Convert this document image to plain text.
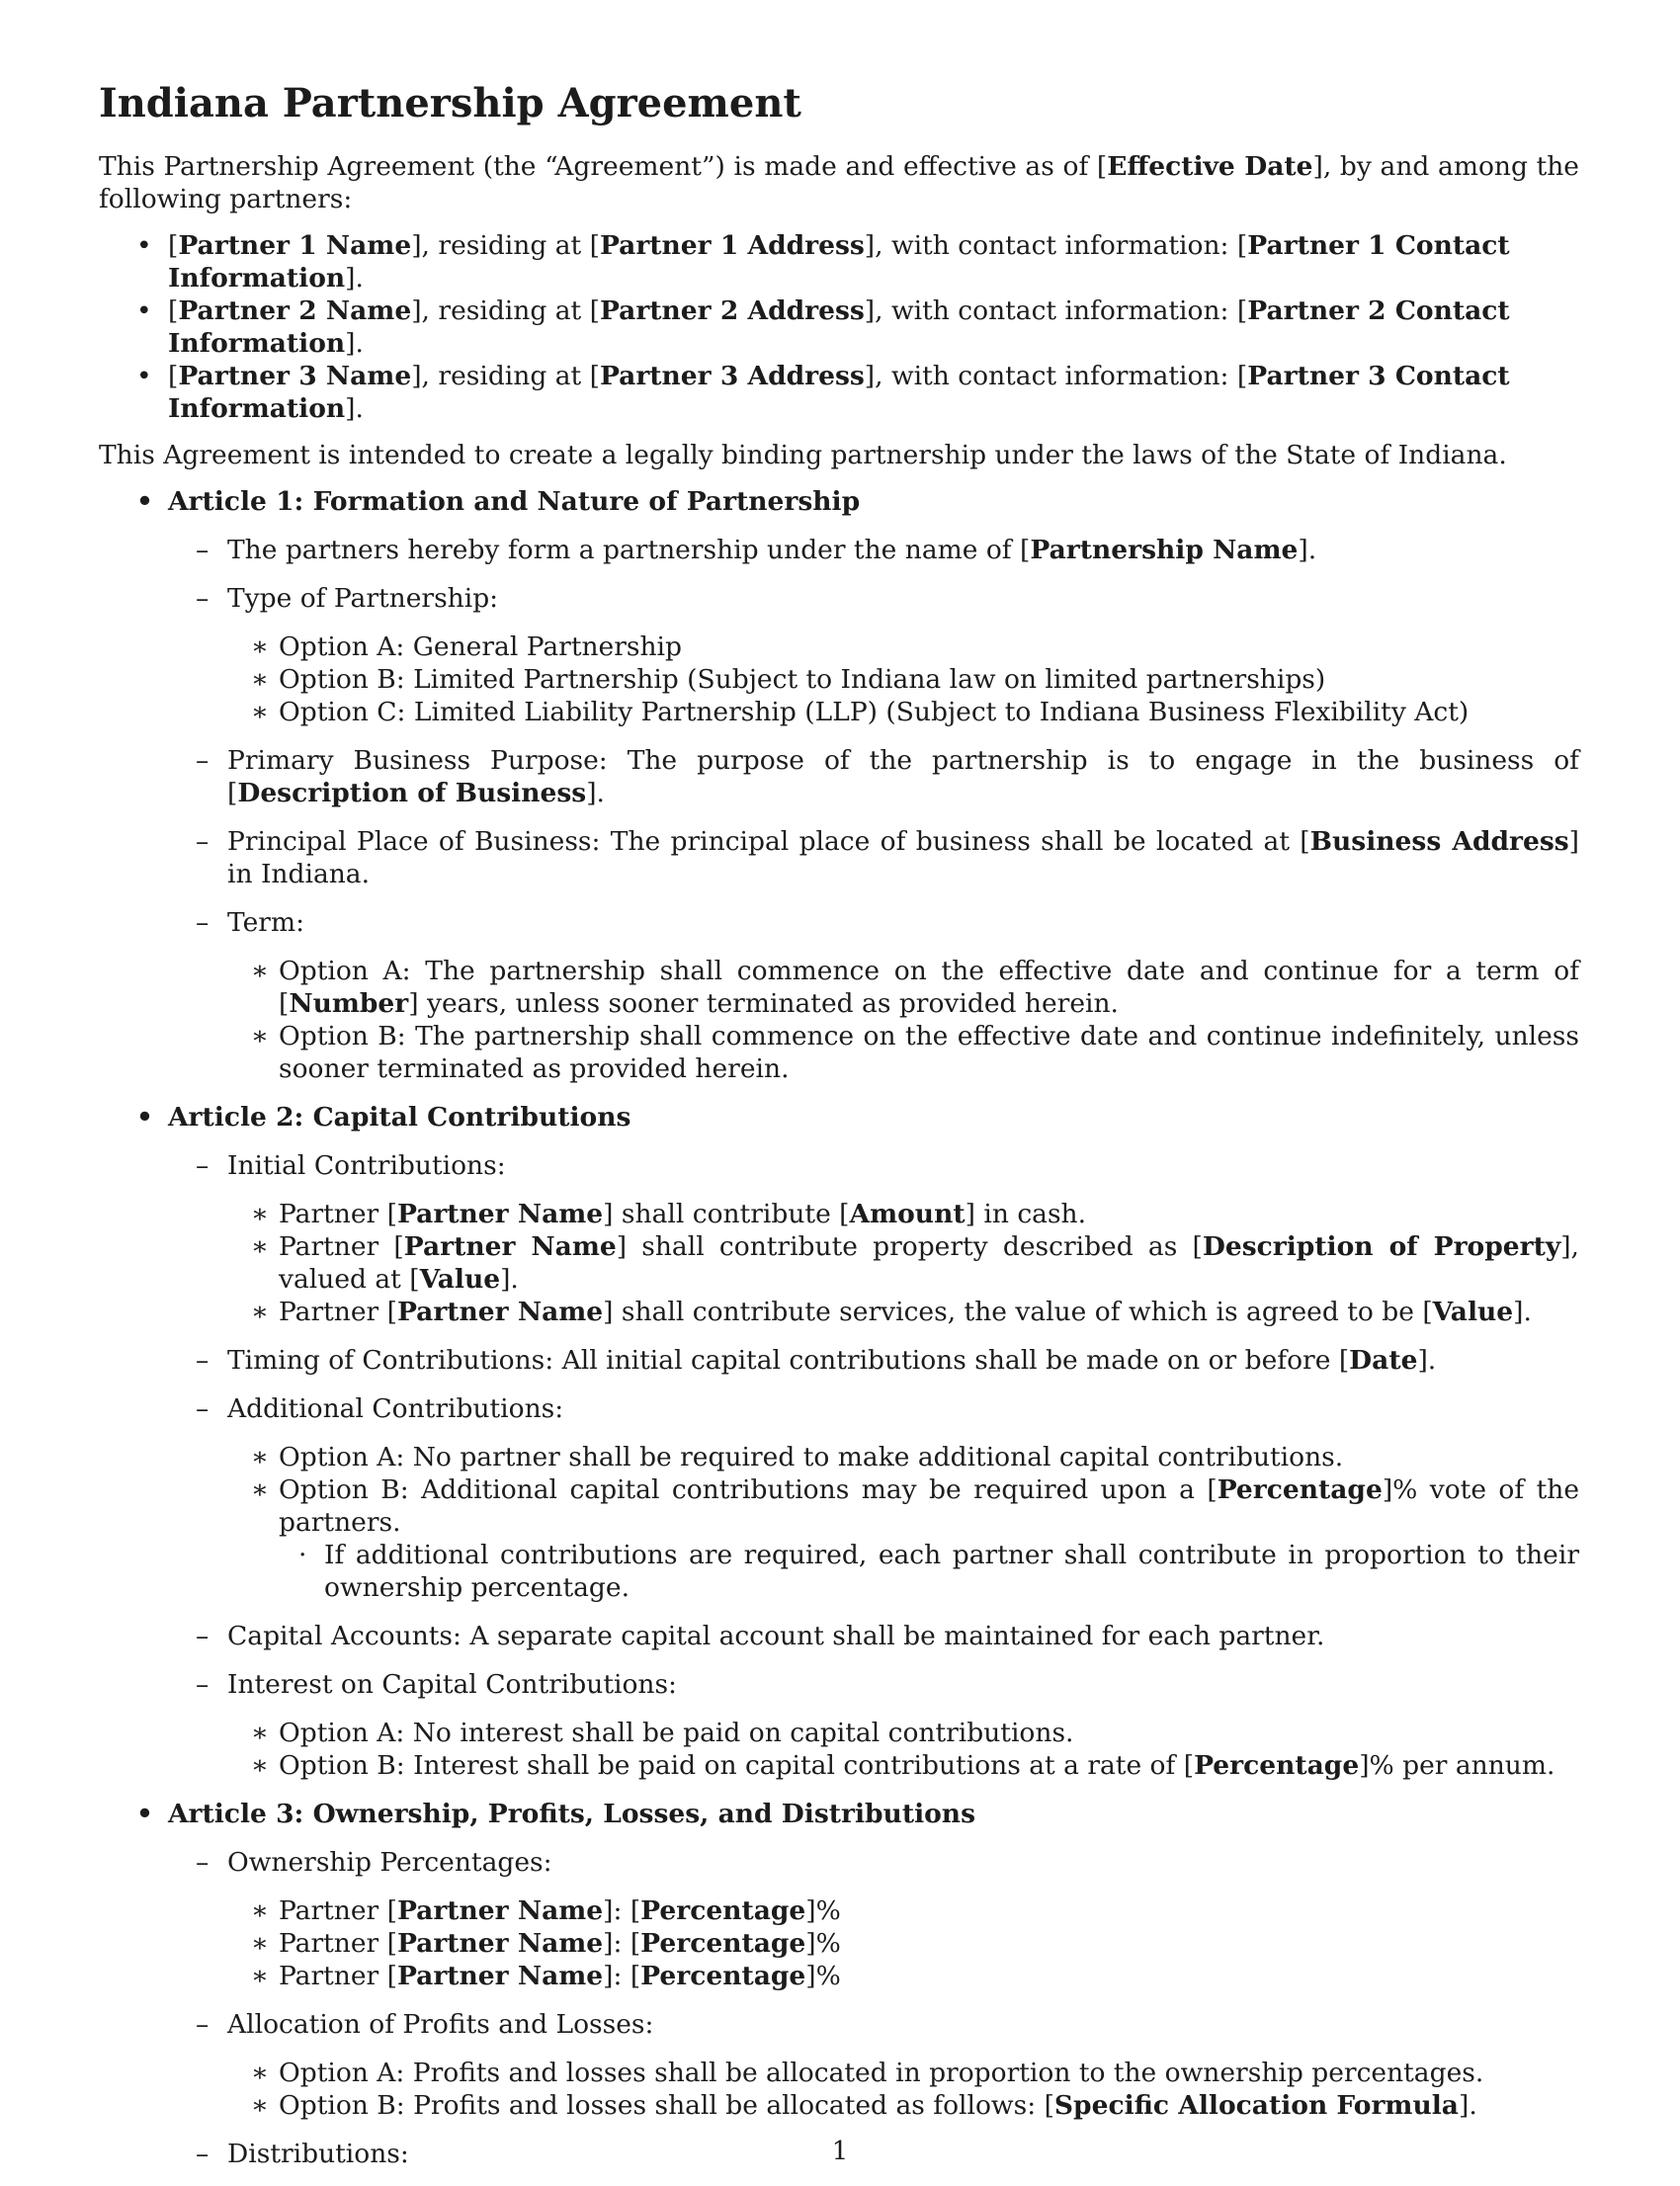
Indiana Partnership Agreement

This Partnership Agreement (the “Agreement”) is made and effective as of [Effective Date], by and among the following partners:

• [Partner 1 Name], residing at [Partner 1 Address], with contact information: [Partner 1 Contact Information].
• [Partner 2 Name], residing at [Partner 2 Address], with contact information: [Partner 2 Contact Information].
• [Partner 3 Name], residing at [Partner 3 Address], with contact information: [Partner 3 Contact Information].

This Agreement is intended to create a legally binding partnership under the laws of the State of Indiana.

• Article 1: Formation and Nature of Partnership
– The partners hereby form a partnership under the name of [Partnership Name].
– Type of Partnership:
∗ Option A: General Partnership
∗ Option B: Limited Partnership (Subject to Indiana law on limited partnerships)
∗ Option C: Limited Liability Partnership (LLP) (Subject to Indiana Business Flexibility Act)
– Primary Business Purpose: The purpose of the partnership is to engage in the business of [Description of Business].
– Principal Place of Business: The principal place of business shall be located at [Business Address] in Indiana.
– Term:
∗ Option A: The partnership shall commence on the effective date and continue for a term of [Number] years, unless sooner terminated as provided herein.
∗ Option B: The partnership shall commence on the effective date and continue indefinitely, unless sooner terminated as provided herein.
• Article 2: Capital Contributions
– Initial Contributions:
∗ Partner [Partner Name] shall contribute [Amount] in cash.
∗ Partner [Partner Name] shall contribute property described as [Description of Property], valued at [Value].
∗ Partner [Partner Name] shall contribute services, the value of which is agreed to be [Value].
– Timing of Contributions: All initial capital contributions shall be made on or before [Date].
– Additional Contributions:
∗ Option A: No partner shall be required to make additional capital contributions.
∗ Option B: Additional capital contributions may be required upon a [Percentage]% vote of the partners.
· If additional contributions are required, each partner shall contribute in proportion to their ownership percentage.
– Capital Accounts: A separate capital account shall be maintained for each partner.
– Interest on Capital Contributions:
∗ Option A: No interest shall be paid on capital contributions.
∗ Option B: Interest shall be paid on capital contributions at a rate of [Percentage]% per annum.
• Article 3: Ownership, Profits, Losses, and Distributions
– Ownership Percentages:
∗ Partner [Partner Name]: [Percentage]%
∗ Partner [Partner Name]: [Percentage]%
∗ Partner [Partner Name]: [Percentage]%
– Allocation of Profits and Losses:
∗ Option A: Profits and losses shall be allocated in proportion to the ownership percentages.
∗ Option B: Profits and losses shall be allocated as follows: [Specific Allocation Formula].
– Distributions:	1
